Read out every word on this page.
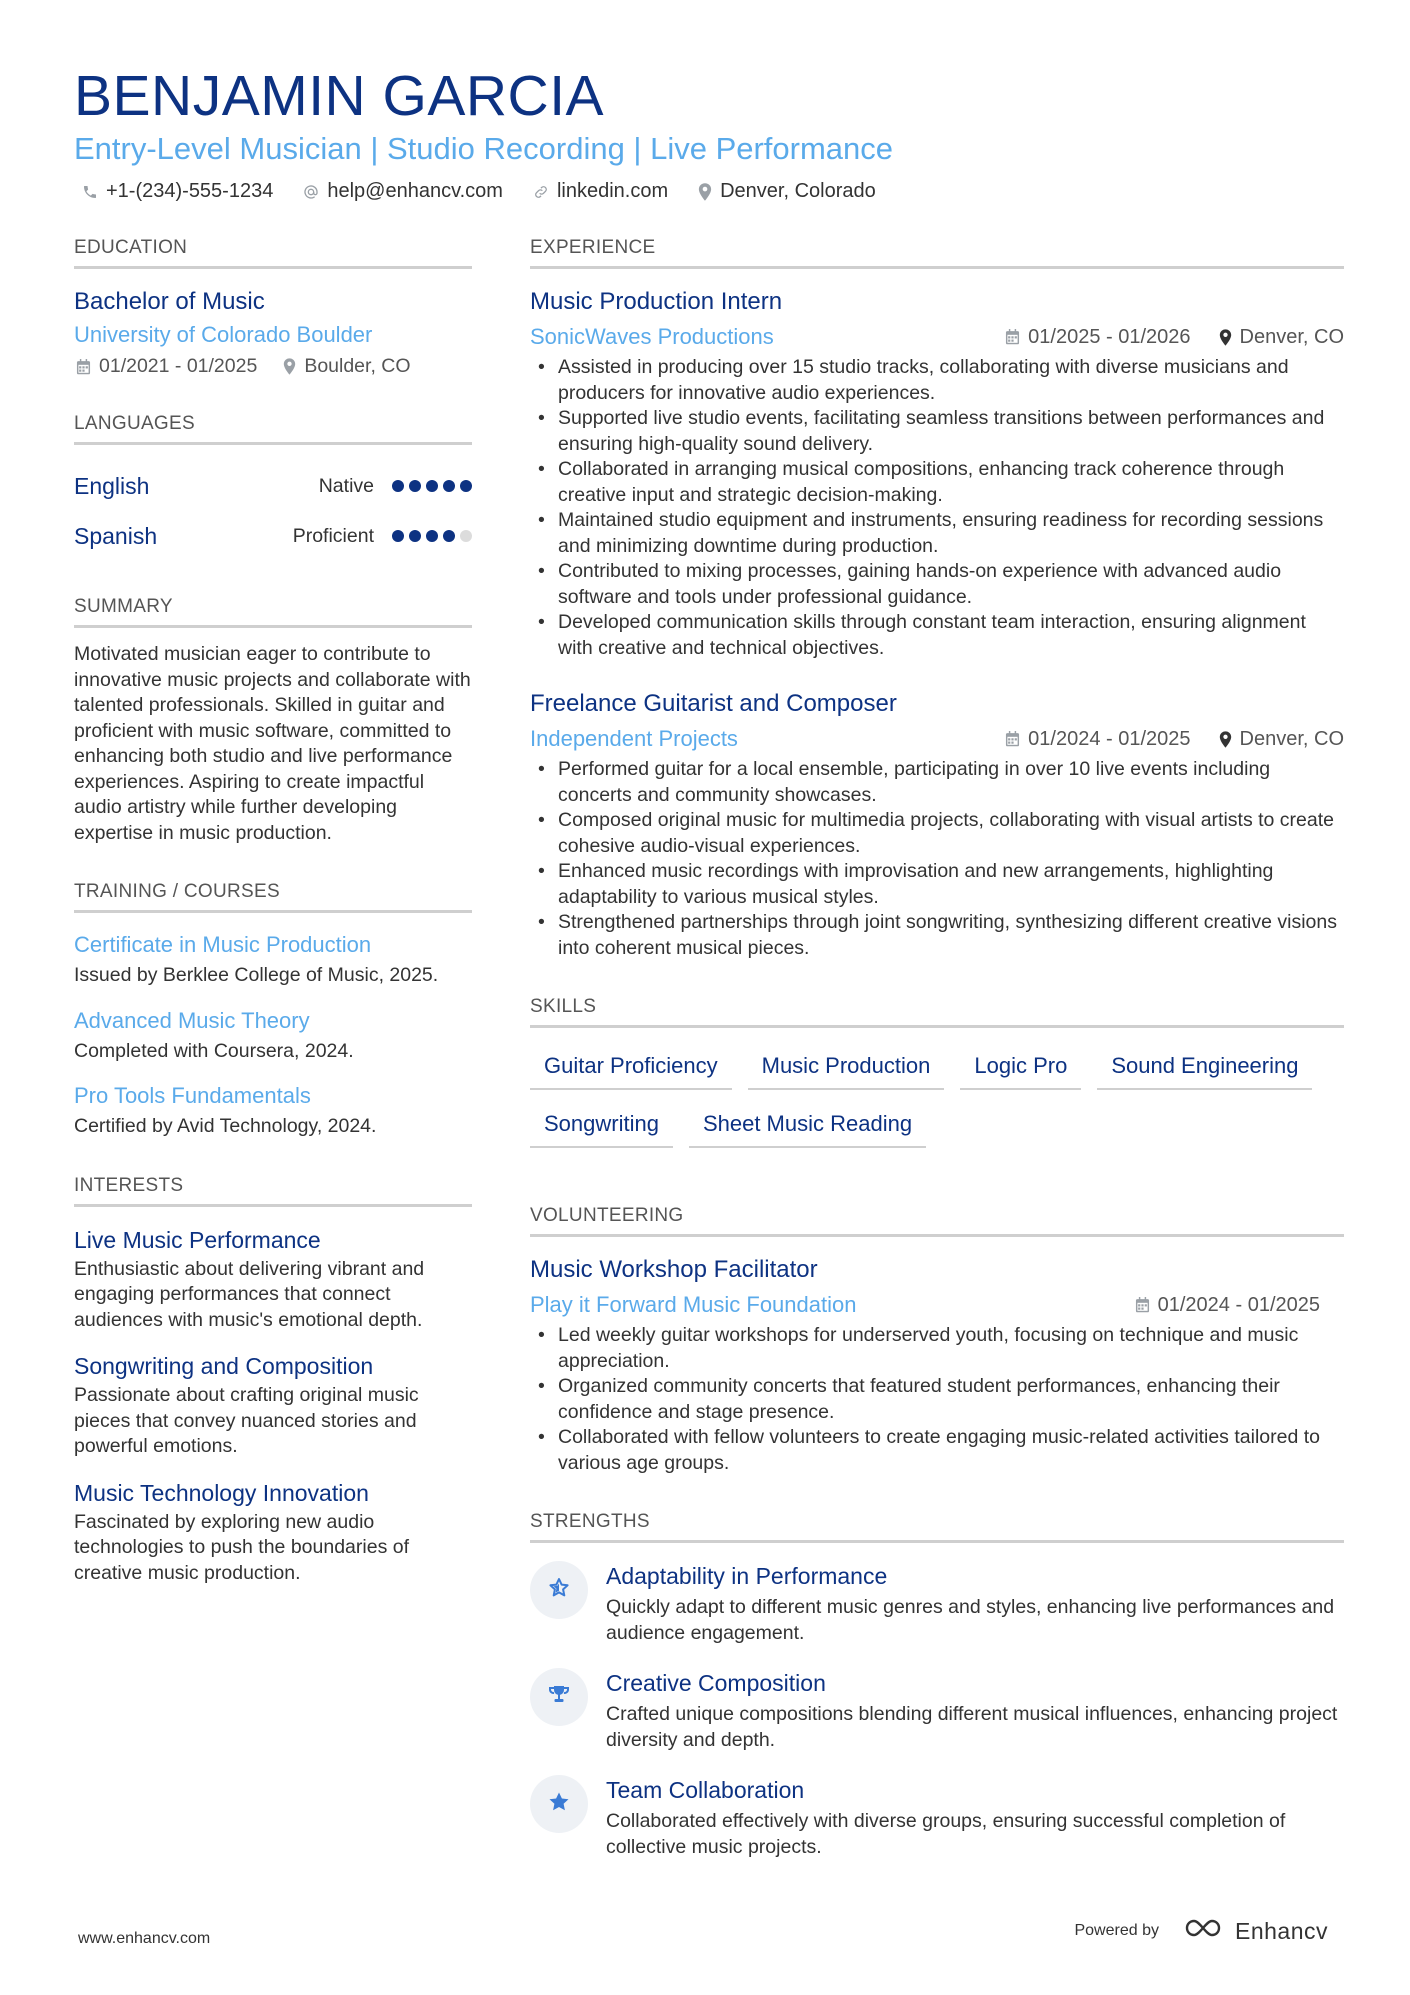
BENJAMIN GARCIA
Entry-Level Musician | Studio Recording | Live Performance
+1-(234)-555-1234	help@enhancv.com	linkedin.com	Denver, Colorado
EDUCATION
Bachelor of Music
University of Colorado Boulder
01/2021 - 01/2025 Boulder, CO
LANGUAGES
English	Native
Spanish	Proficient
SUMMARY
Motivated musician eager to contribute to innovative music projects and collaborate with talented professionals. Skilled in guitar and proficient with music software, committed to enhancing both studio and live performance experiences. Aspiring to create impactful audio artistry while further developing expertise in music production.
TRAINING / COURSES
Certificate in Music Production
Issued by Berklee College of Music, 2025.
Advanced Music Theory
Completed with Coursera, 2024.
Pro Tools Fundamentals
Certified by Avid Technology, 2024.
INTERESTS
Live Music Performance
Enthusiastic about delivering vibrant and engaging performances that connect audiences with music's emotional depth.
Songwriting and Composition
Passionate about crafting original music pieces that convey nuanced stories and powerful emotions.
Music Technology Innovation
Fascinated by exploring new audio technologies to push the boundaries of creative music production.
EXPERIENCE
Music Production Intern
SonicWaves Productions	01/2025 - 01/2026 Denver, CO
• Assisted in producing over 15 studio tracks, collaborating with diverse musicians and producers for innovative audio experiences.
• Supported live studio events, facilitating seamless transitions between performances and ensuring high-quality sound delivery.
• Collaborated in arranging musical compositions, enhancing track coherence through creative input and strategic decision-making.
• Maintained studio equipment and instruments, ensuring readiness for recording sessions and minimizing downtime during production.
• Contributed to mixing processes, gaining hands-on experience with advanced audio software and tools under professional guidance.
• Developed communication skills through constant team interaction, ensuring alignment with creative and technical objectives.
Freelance Guitarist and Composer
Independent Projects	01/2024 - 01/2025 Denver, CO
• Performed guitar for a local ensemble, participating in over 10 live events including concerts and community showcases.
• Composed original music for multimedia projects, collaborating with visual artists to create cohesive audio-visual experiences.
• Enhanced music recordings with improvisation and new arrangements, highlighting adaptability to various musical styles.
• Strengthened partnerships through joint songwriting, synthesizing different creative visions into coherent musical pieces.
SKILLS
Guitar Proficiency	Music Production	Logic Pro	Sound Engineering
Songwriting	Sheet Music Reading
VOLUNTEERING
Music Workshop Facilitator
Play it Forward Music Foundation	01/2024 - 01/2025
• Led weekly guitar workshops for underserved youth, focusing on technique and music appreciation.
• Organized community concerts that featured student performances, enhancing their confidence and stage presence.
• Collaborated with fellow volunteers to create engaging music-related activities tailored to various age groups.
STRENGTHS
Adaptability in Performance
Quickly adapt to different music genres and styles, enhancing live performances and audience engagement.
Creative Composition
Crafted unique compositions blending different musical influences, enhancing project diversity and depth.
Team Collaboration
Collaborated effectively with diverse groups, ensuring successful completion of collective music projects.
www.enhancv.com	Powered by	Enhancv
